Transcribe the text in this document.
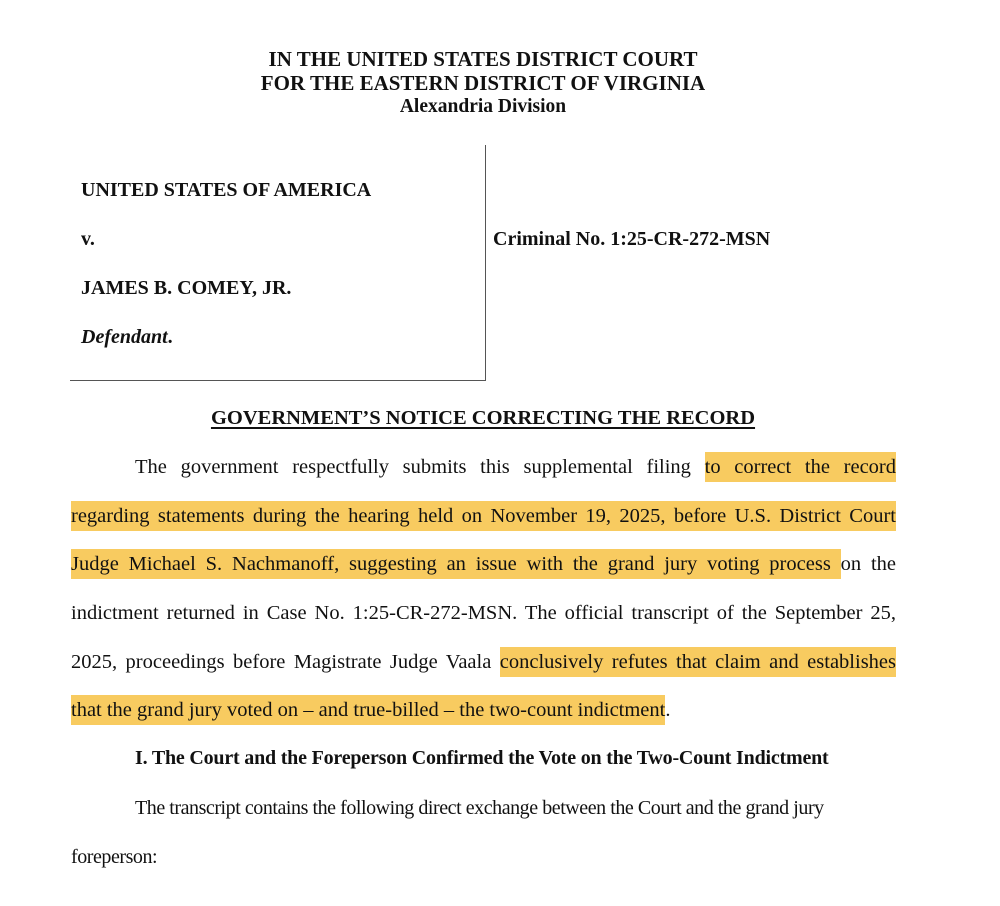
IN THE UNITED STATES DISTRICT COURT
FOR THE EASTERN DISTRICT OF VIRGINIA
Alexandria Division
UNITED STATES OF AMERICA
v.
JAMES B. COMEY, JR.
Defendant.
Criminal No. 1:25-CR-272-MSN
GOVERNMENT’S NOTICE CORRECTING THE RECORD
The government respectfully submits this supplemental filing to correct the record
regarding statements during the hearing held on November 19, 2025, before U.S. District Court
Judge Michael S. Nachmanoff, suggesting an issue with the grand jury voting process on the
indictment returned in Case No. 1:25-CR-272-MSN. The official transcript of the September 25,
2025, proceedings before Magistrate Judge Vaala conclusively refutes that claim and establishes
that the grand jury voted on – and true-billed – the two-count indictment.
I. The Court and the Foreperson Confirmed the Vote on the Two-Count Indictment
The transcript contains the following direct exchange between the Court and the grand jury
foreperson:
